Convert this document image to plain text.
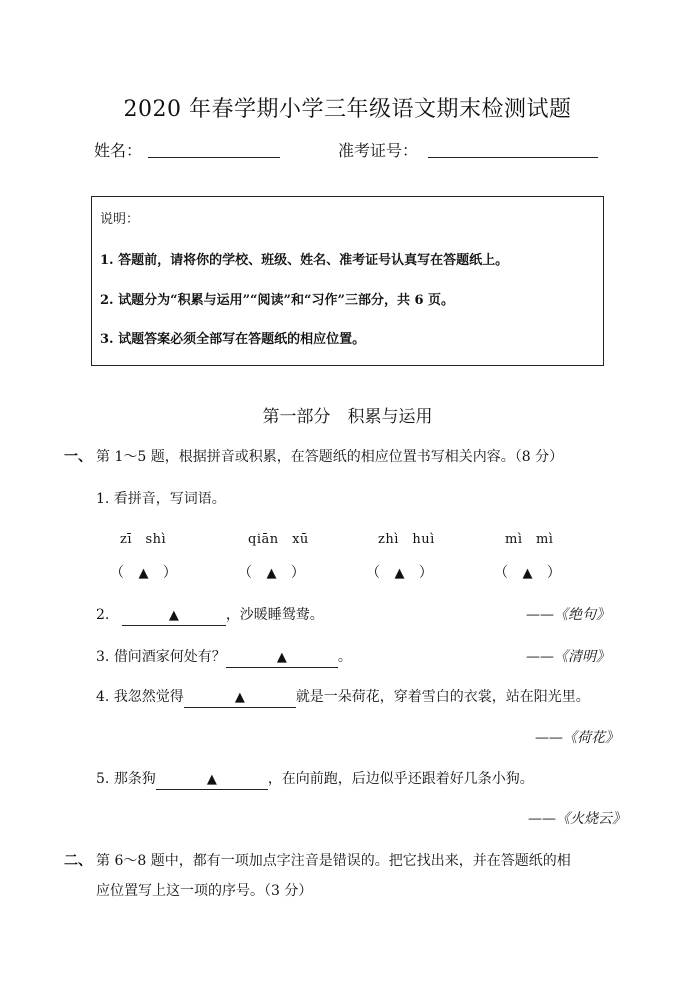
2020 年春学期小学三年级语文期末检测试题
姓名：	准考证号：
说明：
1. 答题前，请将你的学校、班级、姓名、准考证号认真写在答题纸上。
2. 试题分为“积累与运用”“阅读”和“习作”三部分，共 6 页。
3. 试题答案必须全部写在答题纸的相应位置。
第一部分　积累与运用
一、 第 1～5 题，根据拼音或积累，在答题纸的相应位置书写相关内容。（8 分）
1. 看拼音，写词语。
zī　shì	qiān　xū	zhì　huì	mì　mì
（ ▲ ）	（ ▲ ）	（ ▲ ）	（ ▲ ）
2.	▲	，沙暖睡鸳鸯。	——《绝句》
3. 借问酒家何处有？	▲	。	——《清明》
4. 我忽然觉得	▲	就是一朵荷花，穿着雪白的衣裳，站在阳光里。
——《荷花》
5. 那条狗	▲	，在向前跑，后边似乎还跟着好几条小狗。
——《火烧云》
二、 第 6～8 题中，都有一项加点字注音是错误的。把它找出来，并在答题纸的相
应位置写上这一项的序号。（3 分）
